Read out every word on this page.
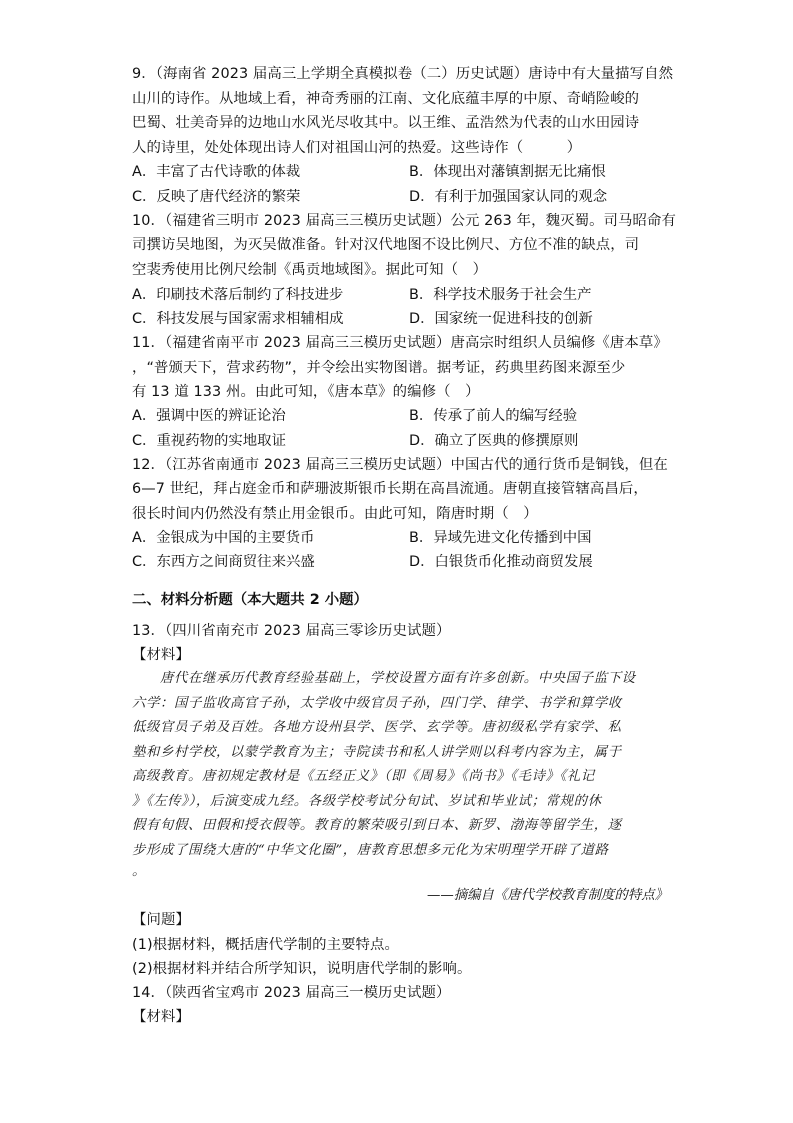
9．（海南省 2023 届高三上学期全真模拟卷（二）历史试题）唐诗中有大量描写自然
山川的诗作。从地域上看，神奇秀丽的江南、文化底蕴丰厚的中原、奇峭险峻的
巴蜀、壮美奇异的边地山水风光尽收其中。以王维、孟浩然为代表的山水田园诗
人的诗里，处处体现出诗人们对祖国山河的热爱。这些诗作（　　　）
A．丰富了古代诗歌的体裁	B．体现出对藩镇割据无比痛恨
C．反映了唐代经济的繁荣	D．有利于加强国家认同的观念
10．（福建省三明市 2023 届高三三模历史试题）公元 263 年，魏灭蜀。司马昭命有
司撰访吴地图，为灭吴做准备。针对汉代地图不设比例尺、方位不准的缺点，司
空裴秀使用比例尺绘制《禹贡地域图》。据此可知（　）
A．印刷技术落后制约了科技进步	B．科学技术服务于社会生产
C．科技发展与国家需求相辅相成	D．国家统一促进科技的创新
11．（福建省南平市 2023 届高三三模历史试题）唐高宗时组织人员编修《唐本草》
，“普颁天下，营求药物”，并令绘出实物图谱。据考证，药典里药图来源至少
有 13 道 133 州。由此可知，《唐本草》的编修（　）
A．强调中医的辨证论治	B．传承了前人的编写经验
C．重视药物的实地取证	D．确立了医典的修撰原则
12．（江苏省南通市 2023 届高三三模历史试题）中国古代的通行货币是铜钱，但在
6—7 世纪，拜占庭金币和萨珊波斯银币长期在高昌流通。唐朝直接管辖高昌后，
很长时间内仍然没有禁止用金银币。由此可知，隋唐时期（　）
A．金银成为中国的主要货币	B．异域先进文化传播到中国
C．东西方之间商贸往来兴盛	D．白银货币化推动商贸发展
二、材料分析题（本大题共 2 小题）
13．（四川省南充市 2023 届高三零诊历史试题）
【材料】
　　唐代在继承历代教育经验基础上，学校设置方面有许多创新。中央国子监下设
六学：国子监收高官子孙，太学收中级官员子孙，四门学、律学、书学和算学收
低级官员子弟及百姓。各地方设州县学、医学、玄学等。唐初级私学有家学、私
塾和乡村学校，以蒙学教育为主；寺院读书和私人讲学则以科考内容为主，属于
高级教育。唐初规定教材是《五经正义》（即《周易》《尚书》《毛诗》《礼记
》《左传》），后演变成九经。各级学校考试分旬试、岁试和毕业试；常规的休
假有旬假、田假和授衣假等。教育的繁荣吸引到日本、新罗、渤海等留学生，逐
步形成了围绕大唐的“中华文化圈”，唐教育思想多元化为宋明理学开辟了道路
。
——摘编自《唐代学校教育制度的特点》
【问题】
(1)根据材料，概括唐代学制的主要特点。
(2)根据材料并结合所学知识，说明唐代学制的影响。
14．（陕西省宝鸡市 2023 届高三一模历史试题）
【材料】
